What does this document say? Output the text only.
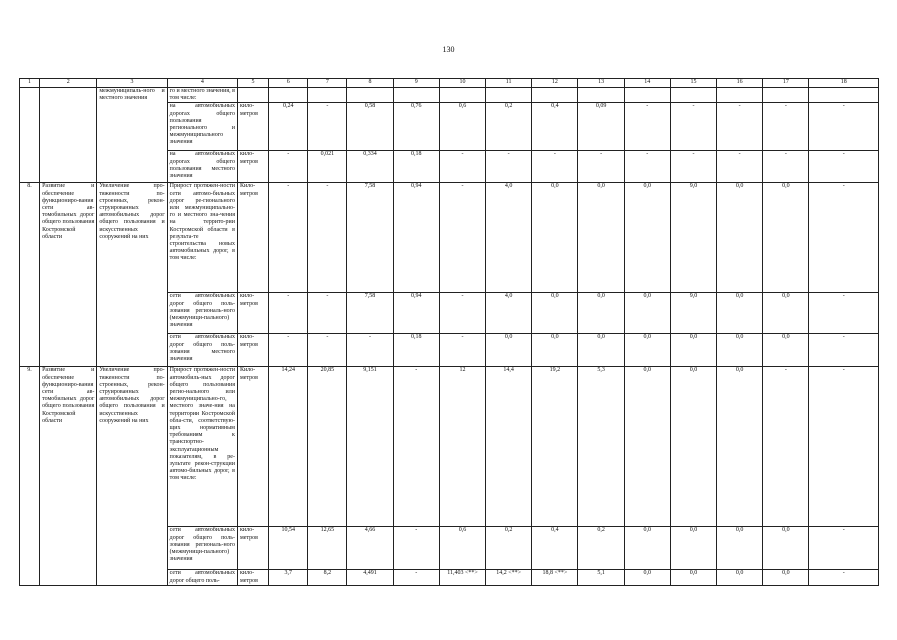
130
1	2	3	4	5	6	7	8	9	10	11	12	13	14	15	16	17	18
		межмуниципаль-ного и местного значения	го и местного значения, в том числе:														
			на автомобильных дорогах общего пользования регионального и межмуниципального значения	кило-метров	0,24	-	0,58	0,76	0,6	0,2	0,4	0,09	-	-	-	-	-
			на автомобильных дорогах общего пользования местного значения	кило-метров	-	0,021	0,334	0,18	-	-	-	-	-	-	-	-	-
8.	Развитие и обеспечение функциониро-вания сети ав-томобильных дорог общего пользования Костромской области	Увеличение про-тяженности по-строенных, рекон-струированных автомобильных дорог общего пользования и искусственных сооружений на них	Прирост протяжен-ности сети автомо-бильных дорог ре-гионального или межмуниципально-го и местного зна-чения на террито-рии Костромской области в результа-те строительства новых автомобильных дорог, в том числе:	Кило-метров	-	-	7,58	0,94	-	4,0	0,0	0,0	0,0	9,0	0,0	0,0	-
			сети автомобильных дорог общего поль-зования региональ-ного (межмуници-пального) значения	кило-метров	-	-	7,58	0,94	-	4,0	0,0	0,0	0,0	9,0	0,0	0,0	-
			сети автомобильных дорог общего поль-зования местного значения	кило-метров	-	-	-	0,18	-	0,0	0,0	0,0	0,0	0,0	0,0	0,0	-
9.	Развитие и обеспечение функциониро-вания сети ав-томобильных дорог общего пользования Костромской области	Увеличение про-тяженности по-строенных, рекон-струированных автомобильных дорог общего пользования и искусственных сооружений на них	Прирост протяжен-ности автомобиль-ных дорог общего пользования регио-нального или межмуниципально-го, местного значе-ния на территории Костромской обла-сти, соответствую-щих нормативным требованиям к транспортно-эксплуатационным показателям, в ре-зультате рекон-струкции автомо-бильных дорог, в том числе:	Кило-метров	14,24	20,85	9,151	-	12	14,4	19,2	5,3	0,0	0,0	0,0	-	-
			сети автомобильных дорог общего поль-зования региональ-ного (межмуници-пального) значения	кило-метров	10,54	12,65	4,66	-	0,6	0,2	0,4	0,2	0,0	0,0	0,0	0,0	-
			сети автомобильных дорог общего поль-	кило-метров	3,7	8,2	4,491	-	11,403 <**>	14,2 <**>	18,8 <**>	5,1	0,0	0,0	0,0	0,0	-
